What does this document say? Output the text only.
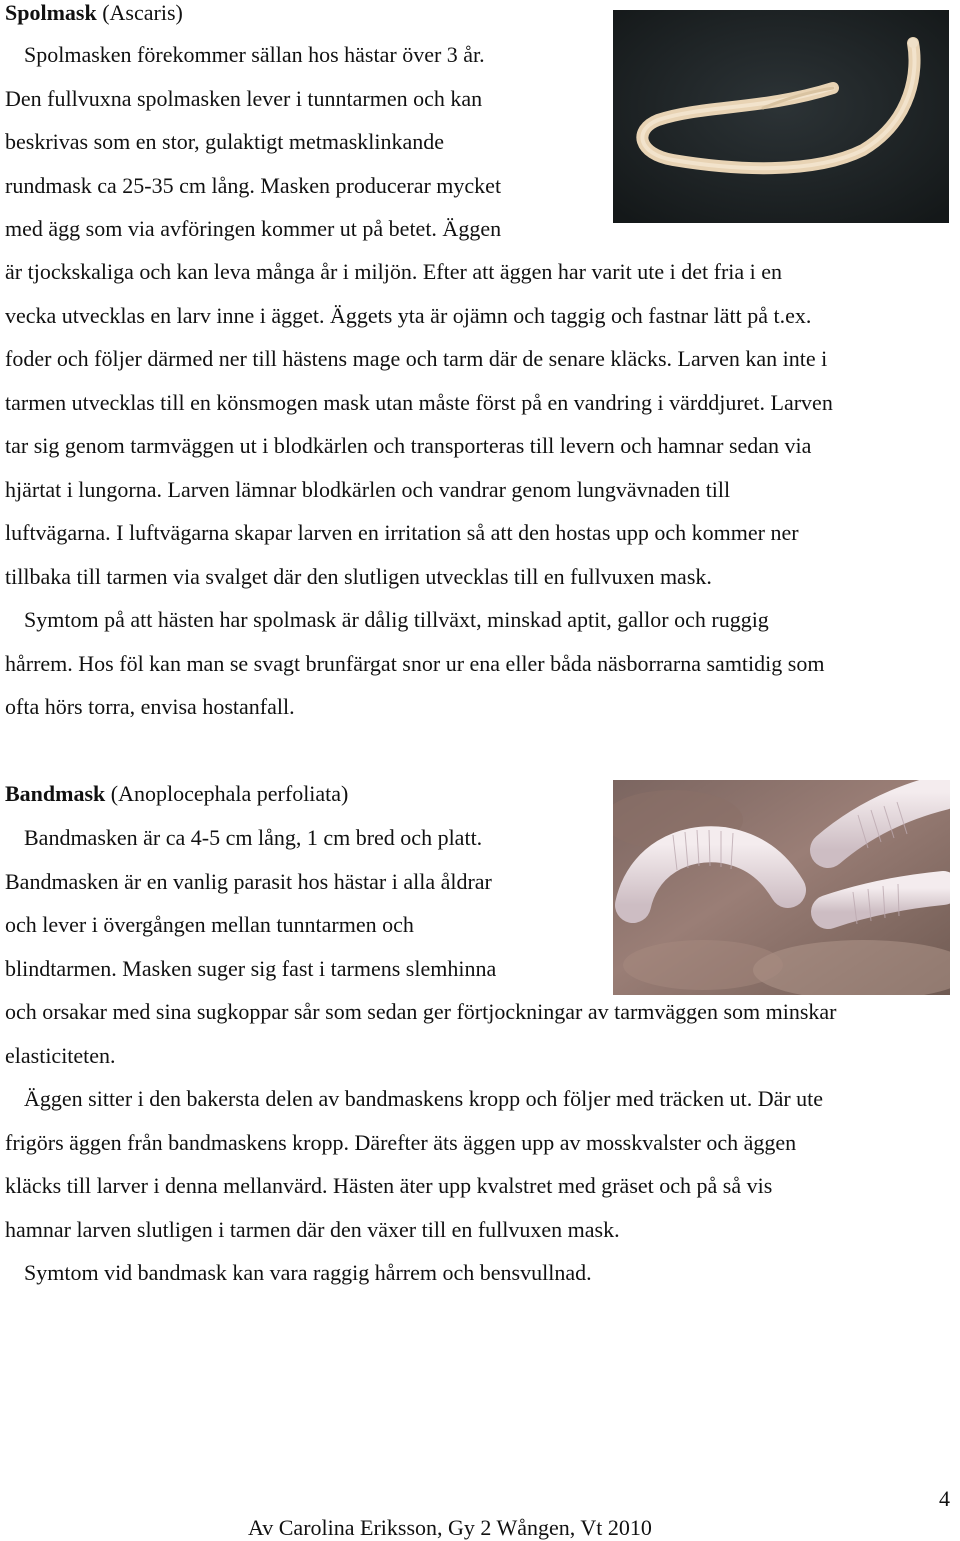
Spolmask (Ascaris)
Spolmasken förekommer sällan hos hästar över 3 år.
Den fullvuxna spolmasken lever i tunntarmen och kan
beskrivas som en stor, gulaktigt metmasklinkande
rundmask ca 25-35 cm lång. Masken producerar mycket
med ägg som via avföringen kommer ut på betet. Äggen
är tjockskaliga och kan leva många år i miljön. Efter att äggen har varit ute i det fria i en
vecka utvecklas en larv inne i ägget. Äggets yta är ojämn och taggig och fastnar lätt på t.ex.
foder och följer därmed ner till hästens mage och tarm där de senare kläcks. Larven kan inte i
tarmen utvecklas till en könsmogen mask utan måste först på en vandring i värddjuret. Larven
tar sig genom tarmväggen ut i blodkärlen och transporteras till levern och hamnar sedan via
hjärtat i lungorna. Larven lämnar blodkärlen och vandrar genom lungvävnaden till
luftvägarna. I luftvägarna skapar larven en irritation så att den hostas upp och kommer ner
tillbaka till tarmen via svalget där den slutligen utvecklas till en fullvuxen mask.
Symtom på att hästen har spolmask är dålig tillväxt, minskad aptit, gallor och ruggig
hårrem. Hos föl kan man se svagt brunfärgat snor ur ena eller båda näsborrarna samtidig som
ofta hörs torra, envisa hostanfall.
Bandmask (Anoplocephala perfoliata)
Bandmasken är ca 4-5 cm lång, 1 cm bred och platt.
Bandmasken är en vanlig parasit hos hästar i alla åldrar
och lever i övergången mellan tunntarmen och
blindtarmen. Masken suger sig fast i tarmens slemhinna
och orsakar med sina sugkoppar sår som sedan ger förtjockningar av tarmväggen som minskar
elasticiteten.
Äggen sitter i den bakersta delen av bandmaskens kropp och följer med träcken ut. Där ute
frigörs äggen från bandmaskens kropp. Därefter äts äggen upp av mosskvalster och äggen
kläcks till larver i denna mellanvärd. Hästen äter upp kvalstret med gräset och på så vis
hamnar larven slutligen i tarmen där den växer till en fullvuxen mask.
Symtom vid bandmask kan vara raggig hårrem och bensvullnad.
4
Av Carolina Eriksson, Gy 2 Wången, Vt 2010
